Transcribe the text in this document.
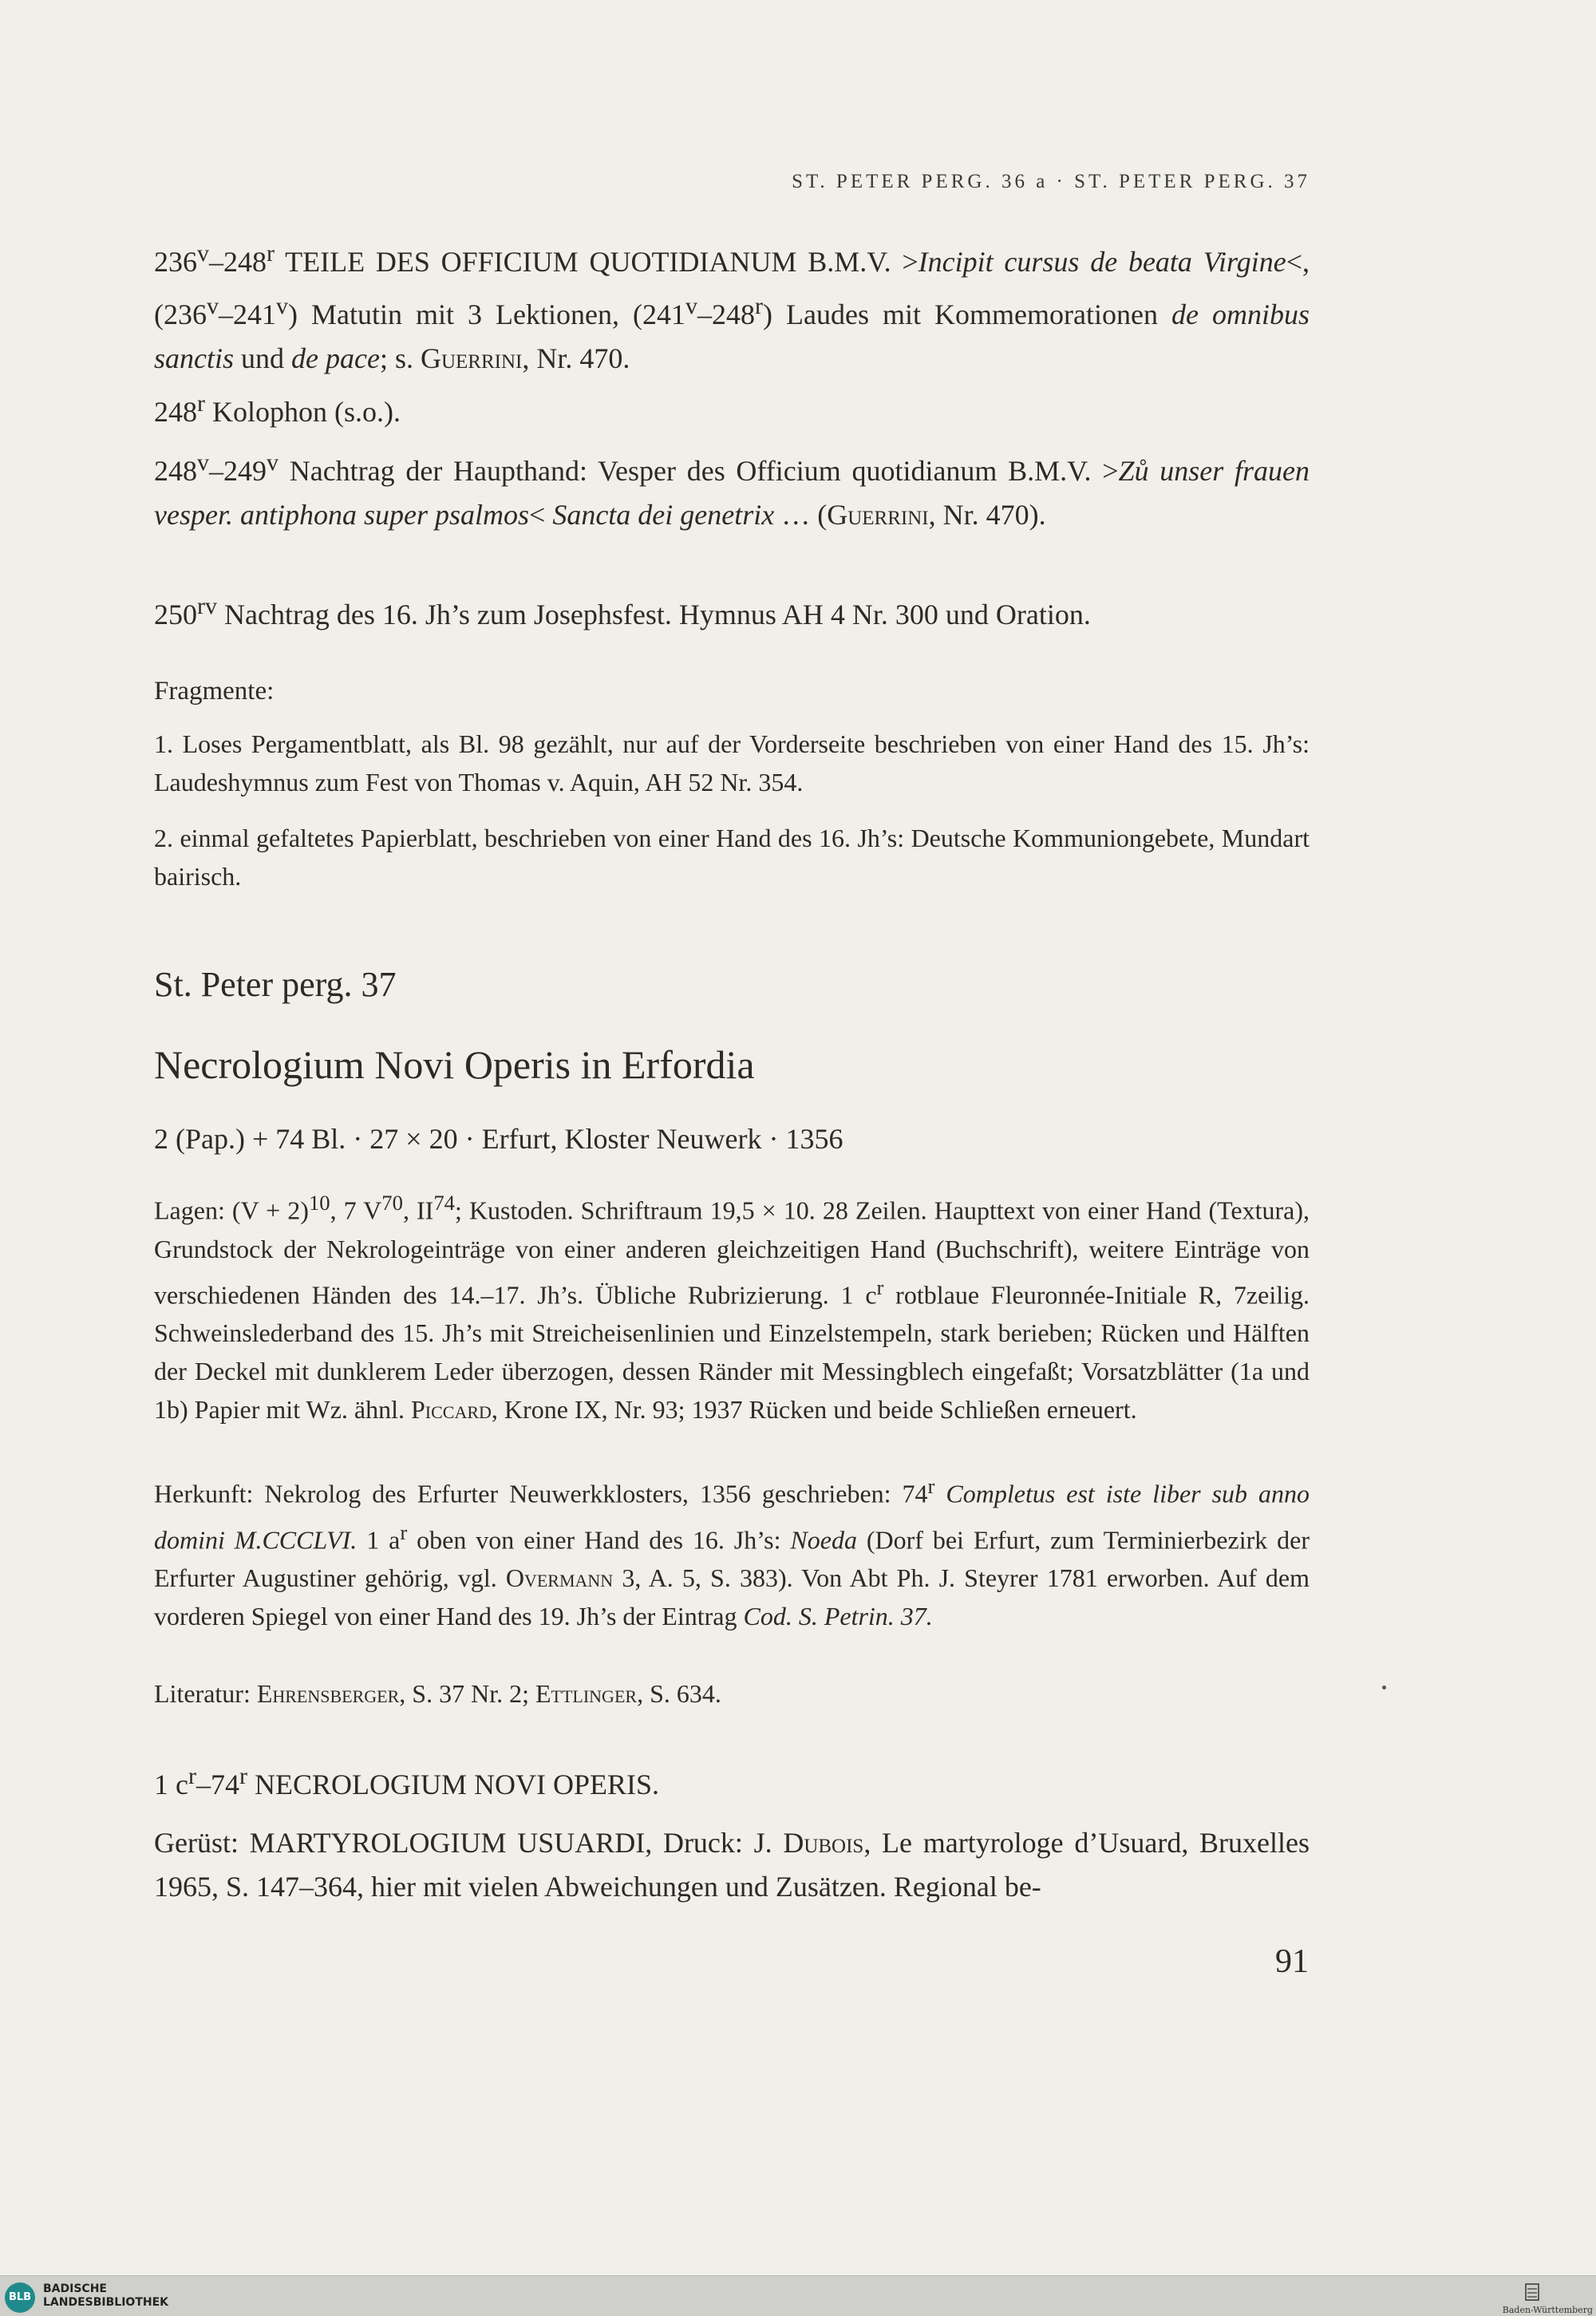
ST. PETER PERG. 36 a · ST. PETER PERG. 37

236$^v$–248$^r$ TEILE DES OFFICIUM QUOTIDIANUM B.M.V. >Incipit cursus de beata Virgine<, (236$^v$–241$^v$) Matutin mit 3 Lektionen, (241$^v$–248$^r$) Laudes mit Kommemorationen de omnibus sanctis und de pace; s. Guerrini, Nr. 470.

248$^r$ Kolophon (s.o.).

248$^v$–249$^v$ Nachtrag der Haupthand: Vesper des Officium quotidianum B.M.V. >Zů unser frauen vesper. antiphona super psalmos< Sancta dei genetrix … (Guerrini, Nr. 470).

$250^{rv}$ Nachtrag des 16. Jh’s zum Josephsfest. Hymnus AH 4 Nr. 300 und Oration.

Fragmente:

1. Loses Pergamentblatt, als Bl. 98 gezählt, nur auf der Vorderseite beschrieben von einer Hand des 15. Jh’s: Laudeshymnus zum Fest von Thomas v. Aquin, AH 52 Nr. 354.

2. einmal gefaltetes Papierblatt, beschrieben von einer Hand des 16. Jh’s: Deutsche Kommuniongebete, Mundart bairisch.

St. Peter perg. 37

Necrologium Novi Operis in Erfordia

2 (Pap.) + 74 Bl. · 27 × 20 · Erfurt, Kloster Neuwerk · 1356

Lagen: $(V + 2)^{10}$, 7 $V^{70}$, II$^{74}$; Kustoden. Schriftraum 19,5 × 10. 28 Zeilen. Haupttext von einer Hand (Textura), Grundstock der Nekrologeinträge von einer anderen gleichzeitigen Hand (Buchschrift), weitere Einträge von verschiedenen Händen des 14.–17. Jh’s. Übliche Rubrizierung. 1 $c^r$ rotblaue Fleuronnée-Initiale R, 7zeilig. Schweinslederband des 15. Jh’s mit Streicheisenlinien und Einzelstempeln, stark berieben; Rücken und Hälften der Deckel mit dunklerem Leder überzogen, dessen Ränder mit Messingblech eingefaßt; Vorsatzblätter (1a und 1b) Papier mit Wz. ähnl. Piccard, Krone IX, Nr. 93; 1937 Rücken und beide Schließen erneuert.

Herkunft: Nekrolog des Erfurter Neuwerkklosters, 1356 geschrieben: 74$^r$ Completus est iste liber sub anno domini M.CCCLVI. 1 $a^r$ oben von einer Hand des 16. Jh’s: Noeda (Dorf bei Erfurt, zum Terminierbezirk der Erfurter Augustiner gehörig, vgl. Overmann 3, A. 5, S. 383). Von Abt Ph. J. Steyrer 1781 erworben. Auf dem vorderen Spiegel von einer Hand des 19. Jh’s der Eintrag Cod. S. Petrin. 37.

Literatur: Ehrensberger, S. 37 Nr. 2; Ettlinger, S. 634.

1 $c^r-74^r$ NECROLOGIUM NOVI OPERIS.

Gerüst: MARTYROLOGIUM USUARDI, Druck: J. Dubois, Le martyrologe d’Usuard, Bruxelles 1965, S. 147–364, hier mit vielen Abweichungen und Zusätzen. Regional be-

91
BLB
BADISCHE
LANDESBIBLIOTHEK
Baden-Württemberg
